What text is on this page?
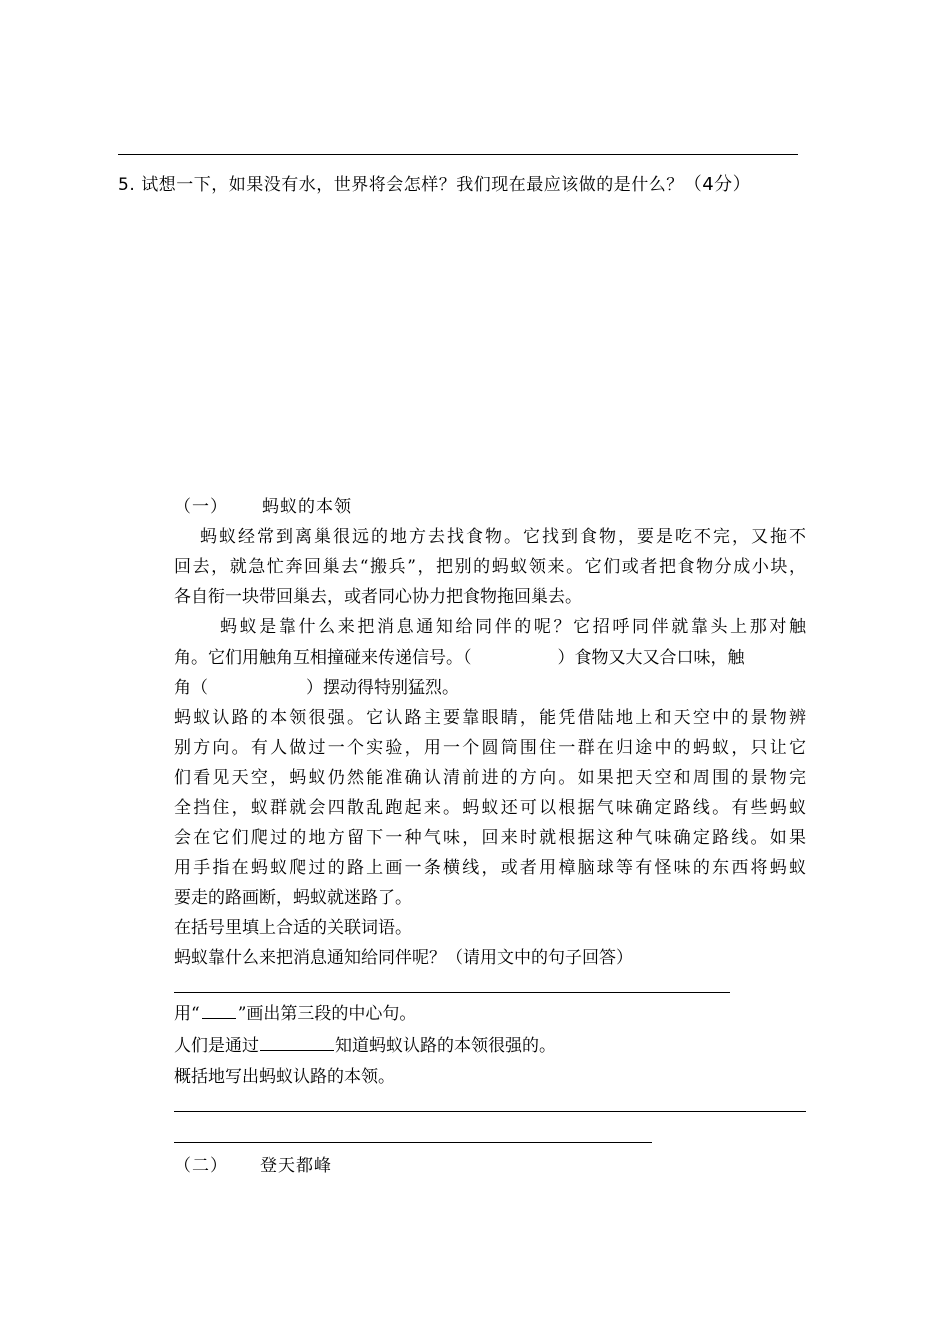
5. 试想一下，如果没有水，世界将会怎样？我们现在最应该做的是什么？（4分）
（一） 蚂蚁的本领
蚂蚁经常到离巢很远的地方去找食物。它找到食物，要是吃不完，又拖不
回去，就急忙奔回巢去“搬兵”，把别的蚂蚁领来。它们或者把食物分成小块，
各自衔一块带回巢去，或者同心协力把食物拖回巢去。
蚂蚁是靠什么来把消息通知给同伴的呢？它招呼同伴就靠头上那对触
角。它们用触角互相撞碰来传递信号。（	）食物又大又合口味，触
角（	）摆动得特别猛烈。
蚂蚁认路的本领很强。它认路主要靠眼睛，能凭借陆地上和天空中的景物辨
别方向。有人做过一个实验，用一个圆筒围住一群在归途中的蚂蚁，只让它
们看见天空，蚂蚁仍然能准确认清前进的方向。如果把天空和周围的景物完
全挡住，蚁群就会四散乱跑起来。蚂蚁还可以根据气味确定路线。有些蚂蚁
会在它们爬过的地方留下一种气味，回来时就根据这种气味确定路线。如果
用手指在蚂蚁爬过的路上画一条横线，或者用樟脑球等有怪味的东西将蚂蚁
要走的路画断，蚂蚁就迷路了。
在括号里填上合适的关联词语。
蚂蚁靠什么来把消息通知给同伴呢？（请用文中的句子回答）
用“ ”画出第三段的中心句。
人们是通过	知道蚂蚁认路的本领很强的。
概括地写出蚂蚁认路的本领。
（二） 登天都峰
